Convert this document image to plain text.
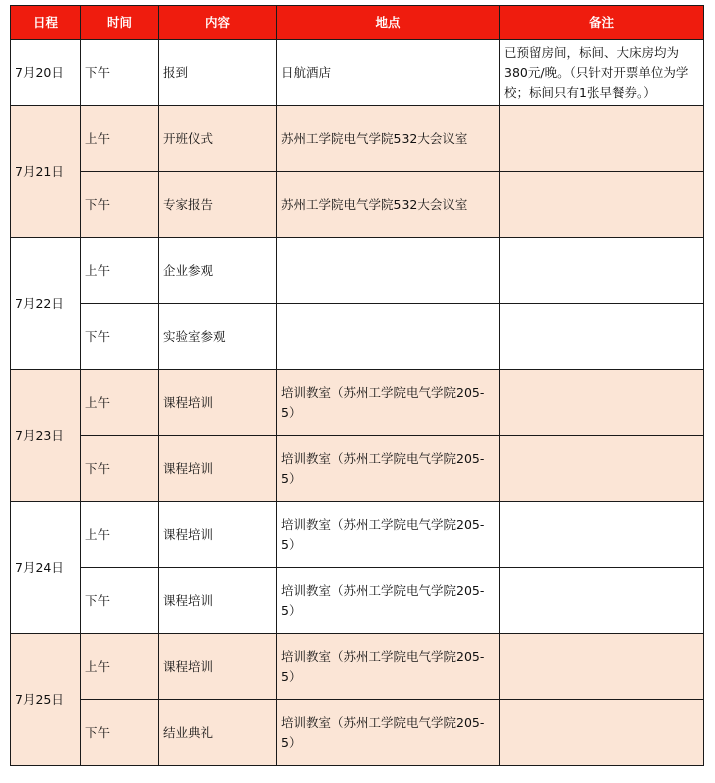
日程	时间	内容	地点	备注
7月20日	下午	报到	日航酒店	已预留房间，标间、大床房均为380元/晚。（只针对开票单位为学校；标间只有1张早餐券。）
7月21日	上午	开班仪式	苏州工学院电气学院532大会议室	
	下午	专家报告	苏州工学院电气学院532大会议室	
7月22日	上午	企业参观		
	下午	实验室参观		
7月23日	上午	课程培训	培训教室（苏州工学院电气学院205-5）	
	下午	课程培训	培训教室（苏州工学院电气学院205-5）	
7月24日	上午	课程培训	培训教室（苏州工学院电气学院205-5）	
	下午	课程培训	培训教室（苏州工学院电气学院205-5）	
7月25日	上午	课程培训	培训教室（苏州工学院电气学院205-5）	
	下午	结业典礼	培训教室（苏州工学院电气学院205-5）	
